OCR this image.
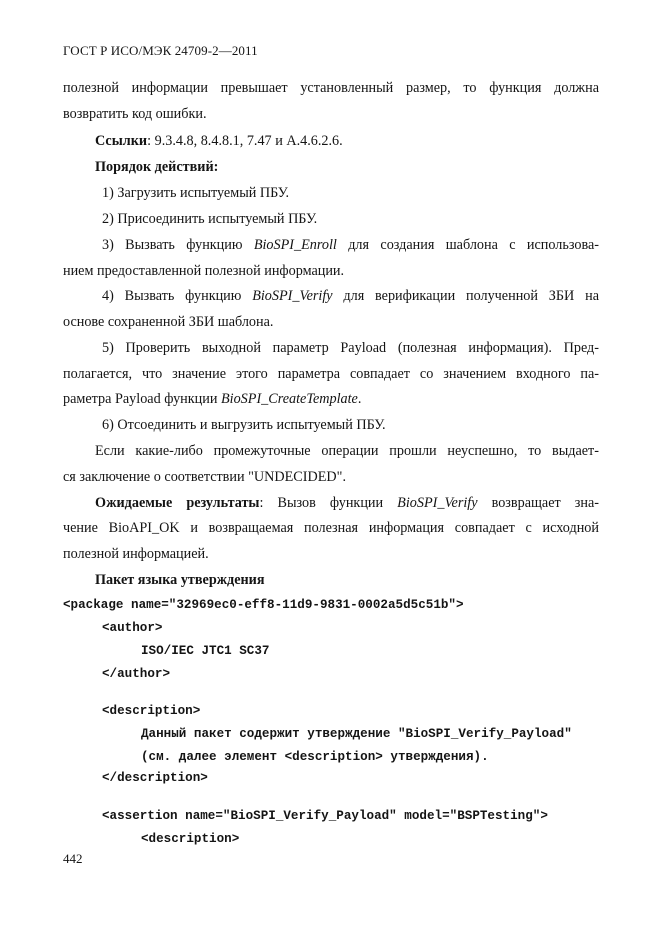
ГОСТ Р ИСО/МЭК 24709-2—2011
полезной информации превышает установленный размер, то функция должна
возвратить код ошибки.
Ссылки: 9.3.4.8, 8.4.8.1, 7.47 и A.4.6.2.6.
Порядок действий:
1) Загрузить испытуемый ПБУ.
2) Присоединить испытуемый ПБУ.
3) Вызвать функцию BioSPI_Enroll для создания шаблона с использова-
нием предоставленной полезной информации.
4) Вызвать функцию BioSPI_Verify для верификации полученной ЗБИ на
основе сохраненной ЗБИ шаблона.
5) Проверить выходной параметр Payload (полезная информация). Пред-
полагается, что значение этого параметра совпадает со значением входного па-
раметра Payload функции BioSPI_CreateTemplate.
6) Отсоединить и выгрузить испытуемый ПБУ.
Если какие-либо промежуточные операции прошли неуспешно, то выдает-
ся заключение о соответствии "UNDECIDED".
Ожидаемые результаты: Вызов функции BioSPI_Verify возвращает зна-
чение BioAPI_OK и возвращаемая полезная информация совпадает с исходной
полезной информацией.
Пакет языка утверждения
<package name="32969ec0-eff8-11d9-9831-0002a5d5c51b">
<author>
ISO/IEC JTC1 SC37
</author>
<description>
Данный пакет содержит утверждение "BioSPI_Verify_Payload"
(см. далее элемент <description> утверждения).
</description>
<assertion name="BioSPI_Verify_Payload" model="BSPTesting">
<description>
442
